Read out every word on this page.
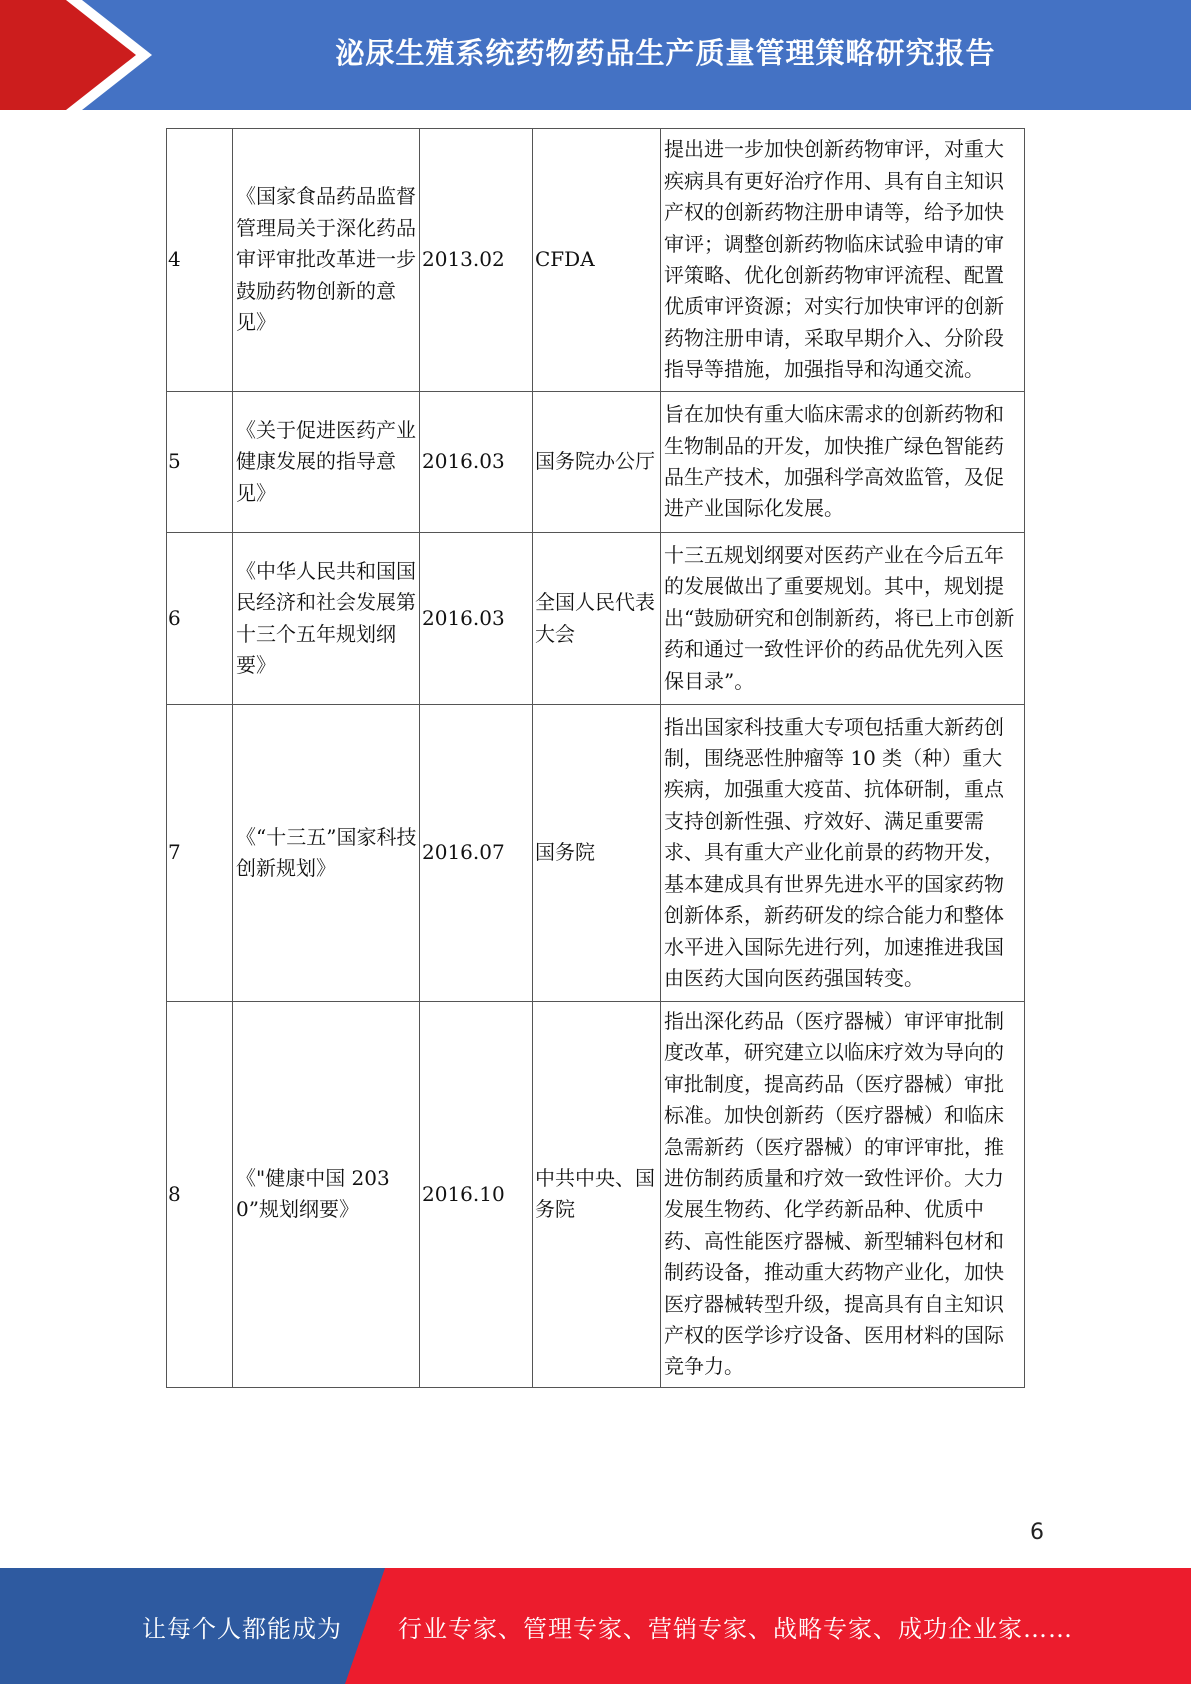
泌尿生殖系统药物药品生产质量管理策略研究报告
4	《国家食品药品监督管理局关于深化药品审评审批改革进一步鼓励药物创新的意见》	2013.02	CFDA	提出进一步加快创新药物审评，对重大疾病具有更好治疗作用、具有自主知识产权的创新药物注册申请等，给予加快审评；调整创新药物临床试验申请的审评策略、优化创新药物审评流程、配置优质审评资源；对实行加快审评的创新药物注册申请，采取早期介入、分阶段指导等措施，加强指导和沟通交流。
5	《关于促进医药产业健康发展的指导意见》	2016.03	国务院办公厅	旨在加快有重大临床需求的创新药物和生物制品的开发，加快推广绿色智能药品生产技术，加强科学高效监管，及促进产业国际化发展。
6	《中华人民共和国国民经济和社会发展第十三个五年规划纲要》	2016.03	全国人民代表大会	十三五规划纲要对医药产业在今后五年的发展做出了重要规划。其中，规划提出“鼓励研究和创制新药，将已上市创新药和通过一致性评价的药品优先列入医保目录”。
7	《“十三五”国家科技创新规划》	2016.07	国务院	指出国家科技重大专项包括重大新药创制，围绕恶性肿瘤等 10 类（种）重大疾病，加强重大疫苗、抗体研制，重点支持创新性强、疗效好、满足重要需求、具有重大产业化前景的药物开发，基本建成具有世界先进水平的国家药物创新体系，新药研发的综合能力和整体水平进入国际先进行列，加速推进我国由医药大国向医药强国转变。
8	《"健康中国 2030”规划纲要》	2016.10	中共中央、国务院	指出深化药品（医疗器械）审评审批制度改革，研究建立以临床疗效为导向的审批制度，提高药品（医疗器械）审批标准。加快创新药（医疗器械）和临床急需新药（医疗器械）的审评审批，推进仿制药质量和疗效一致性评价。大力发展生物药、化学药新品种、优质中药、高性能医疗器械、新型辅料包材和制药设备，推动重大药物产业化，加快医疗器械转型升级，提高具有自主知识产权的医学诊疗设备、医用材料的国际竞争力。
6
让每个人都能成为 行业专家、管理专家、营销专家、战略专家、成功企业家……
